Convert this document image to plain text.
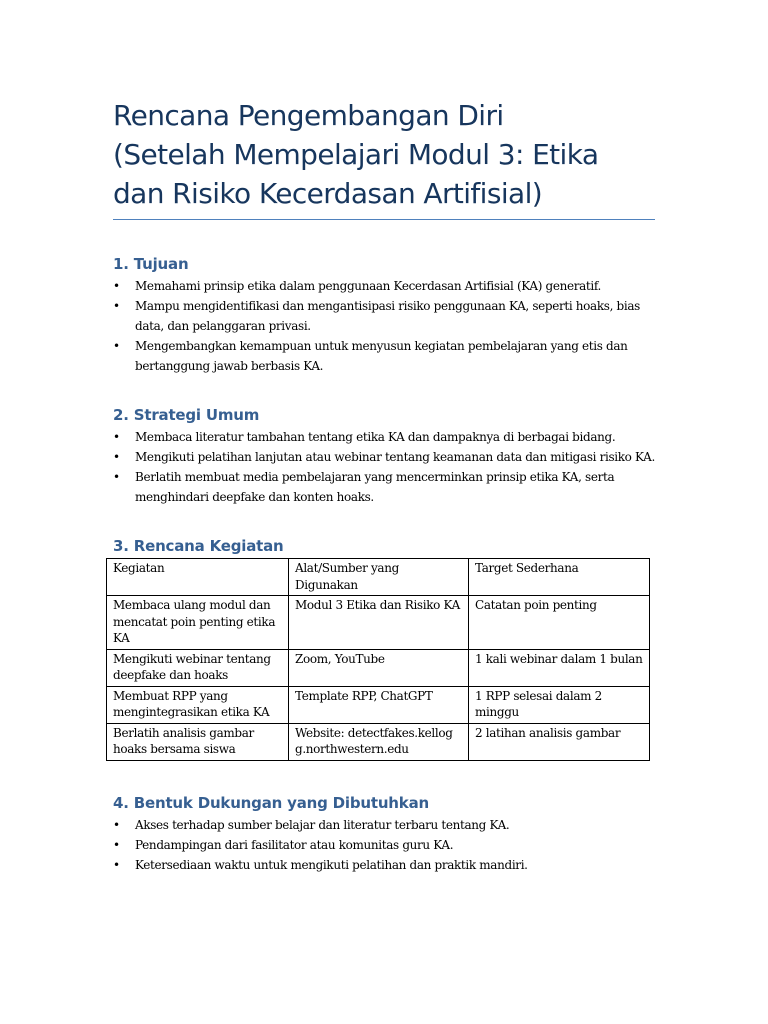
Rencana Pengembangan Diri
(Setelah Mempelajari Modul 3: Etika
dan Risiko Kecerdasan Artifisial)
1. Tujuan
• Memahami prinsip etika dalam penggunaan Kecerdasan Artifisial (KA) generatif.
• Mampu mengidentifikasi dan mengantisipasi risiko penggunaan KA, seperti hoaks, bias data, dan pelanggaran privasi.
• Mengembangkan kemampuan untuk menyusun kegiatan pembelajaran yang etis dan bertanggung jawab berbasis KA.
2. Strategi Umum
• Membaca literatur tambahan tentang etika KA dan dampaknya di berbagai bidang.
• Mengikuti pelatihan lanjutan atau webinar tentang keamanan data dan mitigasi risiko KA.
• Berlatih membuat media pembelajaran yang mencerminkan prinsip etika KA, serta menghindari deepfake dan konten hoaks.
3. Rencana Kegiatan
Kegiatan	Alat/Sumber yang Digunakan	Target Sederhana
Membaca ulang modul dan mencatat poin penting etika KA	Modul 3 Etika dan Risiko KA	Catatan poin penting
Mengikuti webinar tentang deepfake dan hoaks	Zoom, YouTube	1 kali webinar dalam 1 bulan
Membuat RPP yang mengintegrasikan etika KA	Template RPP, ChatGPT	1 RPP selesai dalam 2 minggu
Berlatih analisis gambar hoaks bersama siswa	Website: detectfakes.kellogg.northwestern.edu	2 latihan analisis gambar
4. Bentuk Dukungan yang Dibutuhkan
• Akses terhadap sumber belajar dan literatur terbaru tentang KA.
• Pendampingan dari fasilitator atau komunitas guru KA.
• Ketersediaan waktu untuk mengikuti pelatihan dan praktik mandiri.
